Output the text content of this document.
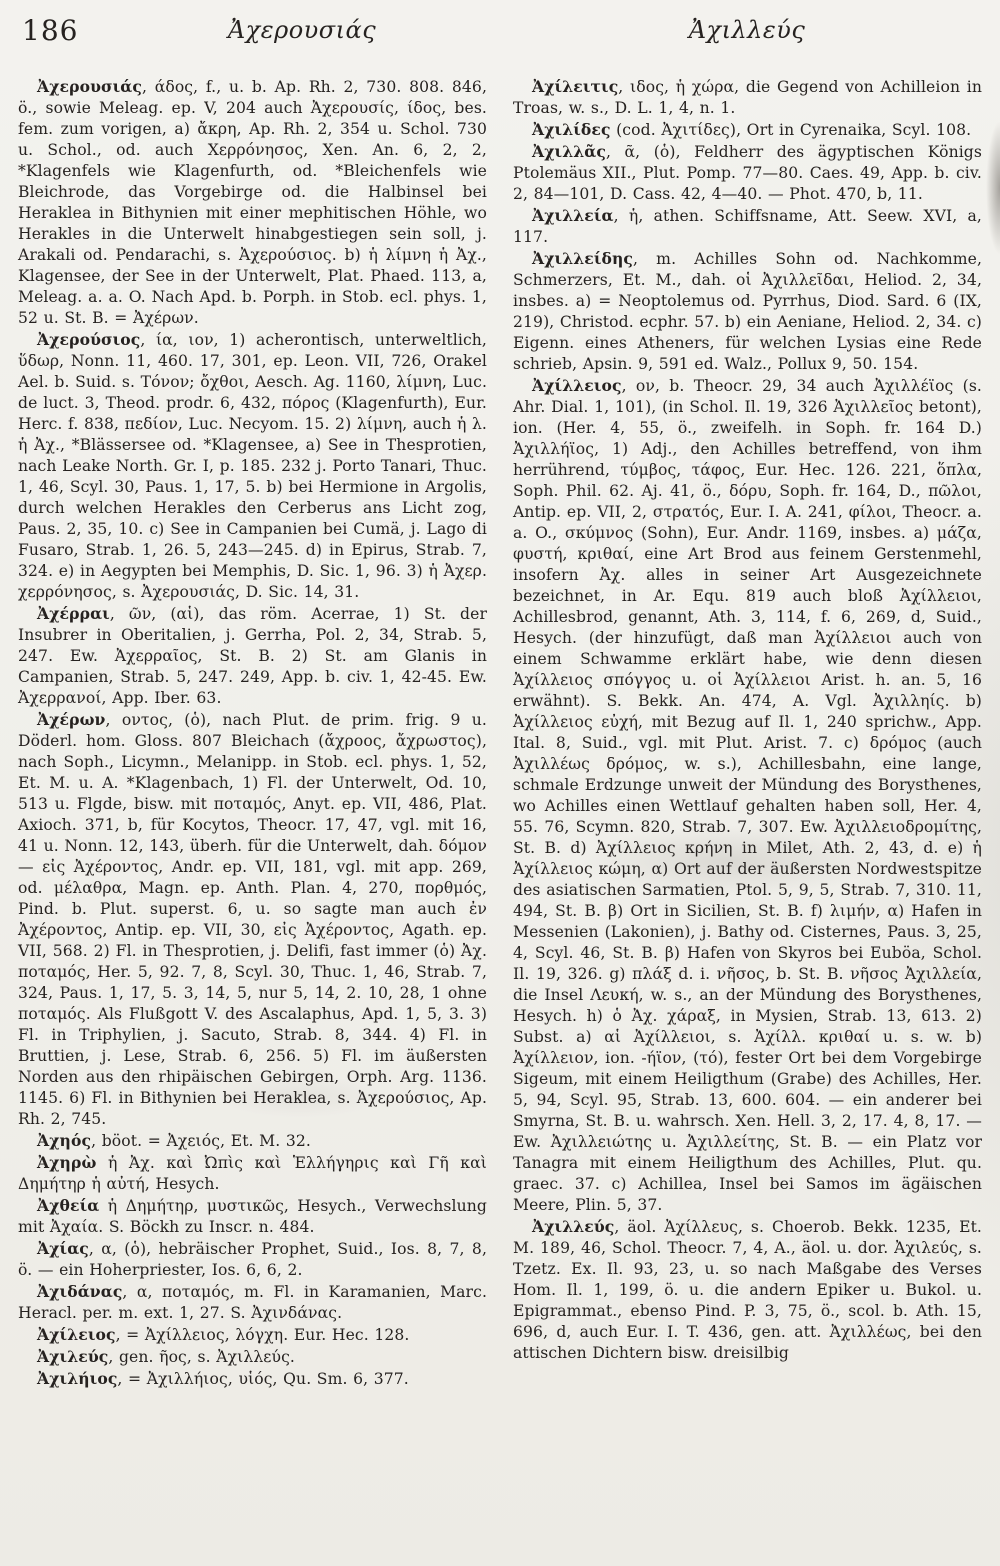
186	Ἀχερουσιάς	Ἀχιλλεύς

Ἀχερουσιάς, άδος, f., u. b. Ap. Rh. 2, 730. 808. 846, ö., sowie Meleag. ep. V, 204 auch Ἀχερουσίς, ίδος, bes. fem. zum vorigen, a) ἄκρη, Ap. Rh. 2, 354 u. Schol. 730 u. Schol., od. auch Χερρόνησος, Xen. An. 6, 2, 2, *Klagenfels wie Klagenfurth, od. *Bleichenfels wie Bleichrode, das Vorgebirge od. die Halbinsel bei Heraklea in Bithynien mit einer mephitischen Höhle, wo Herakles in die Unterwelt hinabgestiegen sein soll, j. Arakali od. Pendarachi, s. Ἀχερούσιος. b) ἡ λίμνη ἡ Ἀχ., Klagensee, der See in der Unterwelt, Plat. Phaed. 113, a, Meleag. a. a. O. Nach Apd. b. Porph. in Stob. ecl. phys. 1, 52 u. St. B. = Ἀχέρων.

Ἀχερούσιος, ία, ιον, 1) acherontisch, unterweltlich, ὕδωρ, Nonn. 11, 460. 17, 301, ep. Leon. VII, 726, Orakel Ael. b. Suid. s. Τόνον; ὄχθοι, Aesch. Ag. 1160, λίμνη, Luc. de luct. 3, Theod. prodr. 6, 432, πόρος (Klagenfurth), Eur. Herc. f. 838, πεδίον, Luc. Necyom. 15. 2) λίμνη, auch ἡ λ. ἡ Ἀχ., *Blässersee od. *Klagensee, a) See in Thesprotien, nach Leake North. Gr. I, p. 185. 232 j. Porto Tanari, Thuc. 1, 46, Scyl. 30, Paus. 1, 17, 5. b) bei Hermione in Argolis, durch welchen Herakles den Cerberus ans Licht zog, Paus. 2, 35, 10. c) See in Campanien bei Cumä, j. Lago di Fusaro, Strab. 1, 26. 5, 243—245. d) in Epirus, Strab. 7, 324. e) in Aegypten bei Memphis, D. Sic. 1, 96. 3) ἡ Ἀχερ. χερρόνησος, s. Ἀχερουσιάς, D. Sic. 14, 31.

Ἀχέρραι, ῶν, (αἱ), das röm. Acerrae, 1) St. der Insubrer in Oberitalien, j. Gerrha, Pol. 2, 34, Strab. 5, 247. Ew. Ἀχερραῖος, St. B. 2) St. am Glanis in Campanien, Strab. 5, 247. 249, App. b. civ. 1, 42-45. Ew. Ἀχερρανοί, App. Iber. 63.

Ἀχέρων, οντος, (ὁ), nach Plut. de prim. frig. 9 u. Döderl. hom. Gloss. 807 Bleichach (ἄχροος, ἄχρωστος), nach Soph., Licymn., Melanipp. in Stob. ecl. phys. 1, 52, Et. M. u. A. *Klagenbach, 1) Fl. der Unterwelt, Od. 10, 513 u. Flgde, bisw. mit ποταμός, Anyt. ep. VII, 486, Plat. Axioch. 371, b, für Kocytos, Theocr. 17, 47, vgl. mit 16, 41 u. Nonn. 12, 143, überh. für die Unterwelt, dah. δόμον — εἰς Ἀχέροντος, Andr. ep. VII, 181, vgl. mit app. 269, od. μέλαθρα, Magn. ep. Anth. Plan. 4, 270, πορθμός, Pind. b. Plut. superst. 6, u. so sagte man auch ἐν Ἀχέροντος, Antip. ep. VII, 30, εἰς Ἀχέροντος, Agath. ep. VII, 568. 2) Fl. in Thesprotien, j. Delifi, fast immer (ὁ) Ἀχ. ποταμός, Her. 5, 92. 7, 8, Scyl. 30, Thuc. 1, 46, Strab. 7, 324, Paus. 1, 17, 5. 3, 14, 5, nur 5, 14, 2. 10, 28, 1 ohne ποταμός. Als Flußgott V. des Ascalaphus, Apd. 1, 5, 3. 3) Fl. in Triphylien, j. Sacuto, Strab. 8, 344. 4) Fl. in Bruttien, j. Lese, Strab. 6, 256. 5) Fl. im äußersten Norden aus den rhipäischen Gebirgen, Orph. Arg. 1136. 1145. 6) Fl. in Bithynien bei Heraklea, s. Ἀχερούσιος, Ap. Rh. 2, 745.

Ἀχηός, böot. = Ἀχειός, Et. M. 32.

Ἀχηρὼ ἡ Ἀχ. καὶ Ὠπὶς καὶ Ἑλλήγηρις καὶ Γῆ καὶ Δημήτηρ ἡ αὐτή, Hesych.

Ἀχθεία ἡ Δημήτηρ, μυστικῶς, Hesych., Verwechslung mit Ἀχαία. S. Böckh zu Inscr. n. 484.

Ἀχίας, α, (ὁ), hebräischer Prophet, Suid., Ios. 8, 7, 8, ö. — ein Hoherpriester, Ios. 6, 6, 2.

Ἀχιδάνας, α, ποταμός, m. Fl. in Karamanien, Marc. Heracl. per. m. ext. 1, 27. S. Ἀχινδάνας.

Ἀχίλειος, = Ἀχίλλειος, λόγχη. Eur. Hec. 128.

Ἀχιλεύς, gen. ῆος, s. Ἀχιλλεύς.

Ἀχιλήιος, = Ἀχιλλήιος, υἱός, Qu. Sm. 6, 377.

Ἀχίλειτις, ιδος, ἡ χώρα, die Gegend von Achilleion in Troas, w. s., D. L. 1, 4, n. 1.

Ἀχιλίδες (cod. Ἀχιτίδες), Ort in Cyrenaika, Scyl. 108.

Ἀχιλλᾶς, ᾶ, (ὁ), Feldherr des ägyptischen Königs Ptolemäus XII., Plut. Pomp. 77—80. Caes. 49, App. b. civ. 2, 84—101, D. Cass. 42, 4—40. — Phot. 470, b, 11.

Ἀχιλλεία, ἡ, athen. Schiffsname, Att. Seew. XVI, a, 117.

Ἀχιλλείδης, m. Achilles Sohn od. Nachkomme, Schmerzers, Et. M., dah. οἱ Ἀχιλλεῖδαι, Heliod. 2, 34, insbes. a) = Neoptolemus od. Pyrrhus, Diod. Sard. 6 (IX, 219), Christod. ecphr. 57. b) ein Aeniane, Heliod. 2, 34. c) Eigenn. eines Atheners, für welchen Lysias eine Rede schrieb, Apsin. 9, 591 ed. Walz., Pollux 9, 50. 154.

Ἀχίλλειος, ον, b. Theocr. 29, 34 auch Ἀχιλλέϊος (s. Ahr. Dial. 1, 101), (in Schol. Il. 19, 326 Ἀχιλλεῖος betont), ion. (Her. 4, 55, ö., zweifelh. in Soph. fr. 164 D.) Ἀχιλλήϊος, 1) Adj., den Achilles betreffend, von ihm herrührend, τύμβος, τάφος, Eur. Hec. 126. 221, ὅπλα, Soph. Phil. 62. Aj. 41, ö., δόρυ, Soph. fr. 164, D., πῶλοι, Antip. ep. VII, 2, στρατός, Eur. I. A. 241, φίλοι, Theocr. a. a. O., σκύμνος (Sohn), Eur. Andr. 1169, insbes. a) μάζα, φυστή, κριθαί, eine Art Brod aus feinem Gerstenmehl, insofern Ἀχ. alles in seiner Art Ausgezeichnete bezeichnet, in Ar. Equ. 819 auch bloß Ἀχίλλειοι, Achillesbrod, genannt, Ath. 3, 114, f. 6, 269, d, Suid., Hesych. (der hinzufügt, daß man Ἀχίλλειοι auch von einem Schwamme erklärt habe, wie denn diesen Ἀχίλλειος σπόγγος u. οἱ Ἀχίλλειοι Arist. h. an. 5, 16 erwähnt). S. Bekk. An. 474, A. Vgl. Ἀχιλληίς. b) Ἀχίλλειος εὐχή, mit Bezug auf Il. 1, 240 sprichw., App. Ital. 8, Suid., vgl. mit Plut. Arist. 7. c) δρόμος (auch Ἀχιλλέως δρόμος, w. s.), Achillesbahn, eine lange, schmale Erdzunge unweit der Mündung des Borysthenes, wo Achilles einen Wettlauf gehalten haben soll, Her. 4, 55. 76, Scymn. 820, Strab. 7, 307. Ew. Ἀχιλλειοδρομίτης, St. B. d) Ἀχίλλειος κρήνη in Milet, Ath. 2, 43, d. e) ἡ Ἀχίλλειος κώμη, α) Ort auf der äußersten Nordwestspitze des asiatischen Sarmatien, Ptol. 5, 9, 5, Strab. 7, 310. 11, 494, St. B. β) Ort in Sicilien, St. B. f) λιμήν, α) Hafen in Messenien (Lakonien), j. Bathy od. Cisternes, Paus. 3, 25, 4, Scyl. 46, St. B. β) Hafen von Skyros bei Euböa, Schol. Il. 19, 326. g) πλάξ d. i. νῆσος, b. St. B. νῆσος Ἀχιλλεία, die Insel Λευκή, w. s., an der Mündung des Borysthenes, Hesych. h) ὁ Ἀχ. χάραξ, in Mysien, Strab. 13, 613. 2) Subst. a) αἱ Ἀχίλλειοι, s. Ἀχίλλ. κριθαί u. s. w. b) Ἀχίλλειον, ion. -ήϊον, (τό), fester Ort bei dem Vorgebirge Sigeum, mit einem Heiligthum (Grabe) des Achilles, Her. 5, 94, Scyl. 95, Strab. 13, 600. 604. — ein anderer bei Smyrna, St. B. u. wahrsch. Xen. Hell. 3, 2, 17. 4, 8, 17. — Ew. Ἀχιλλειώτης u. Ἀχιλλείτης, St. B. — ein Platz vor Tanagra mit einem Heiligthum des Achilles, Plut. qu. graec. 37. c) Achillea, Insel bei Samos im ägäischen Meere, Plin. 5, 37.

Ἀχιλλεύς, äol. Ἀχίλλευς, s. Choerob. Bekk. 1235, Et. M. 189, 46, Schol. Theocr. 7, 4, A., äol. u. dor. Ἀχιλεύς, s. Tzetz. Ex. Il. 93, 23, u. so nach Maßgabe des Verses Hom. Il. 1, 199, ö. u. die andern Epiker u. Bukol. u. Epigrammat., ebenso Pind. P. 3, 75, ö., scol. b. Ath. 15, 696, d, auch Eur. I. T. 436, gen. att. Ἀχιλλέως, bei den attischen Dichtern bisw. dreisilbig
